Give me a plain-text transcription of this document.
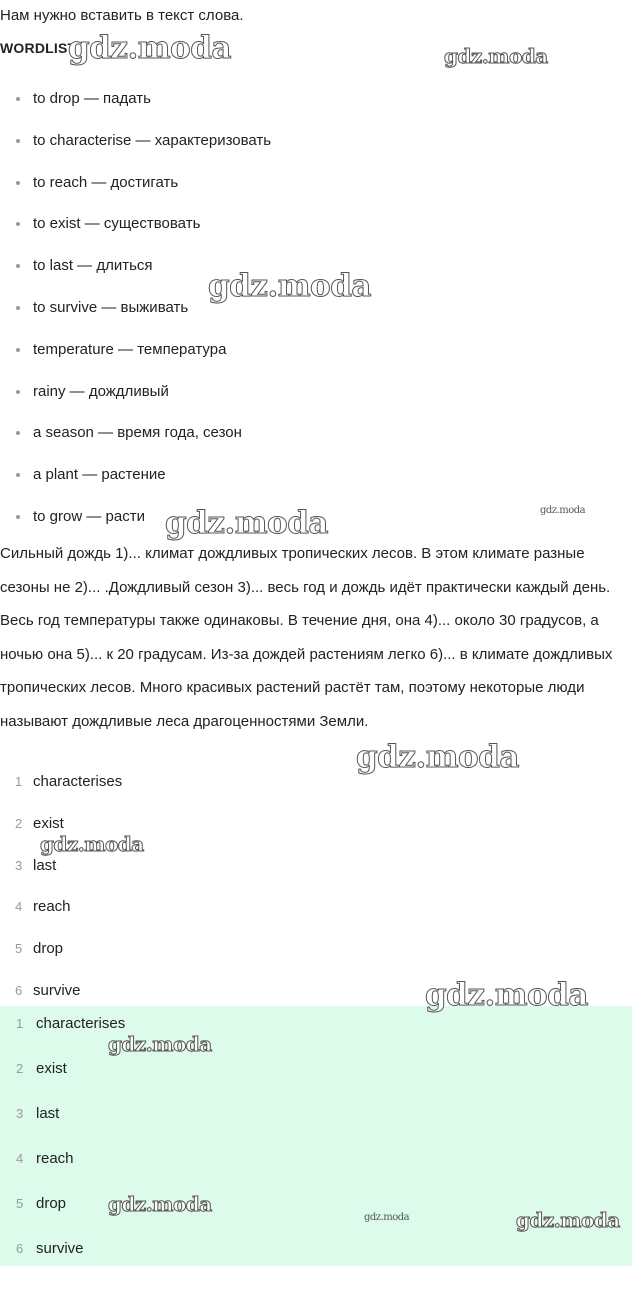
Нам нужно вставить в текст слова.
WORDLIST
to drop — падать
to characterise — характеризовать
to reach — достигать
to exist — существовать
to last — длиться
to survive — выживать
temperature — температура
rainy — дождливый
a season — время года, сезон
a plant — растение
to grow — расти
Сильный дождь 1)... климат дождливых тропических лесов. В этом климате разные сезоны не 2)... .Дождливый сезон 3)... весь год и дождь идёт практически каждый день. Весь год температуры также одинаковы. В течение дня, она 4)... около 30 градусов, а ночью она 5)... к 20 градусам. Из-за дождей растениям легко 6)... в климате дождливых тропических лесов. Много красивых растений растёт там, поэтому некоторые люди называют дождливые леса драгоценностями Земли.
1 characterises
2 exist
3 last
4 reach
5 drop
6 survive
1 characterises
2 exist
3 last
4 reach
5 drop
6 survive
gdz.moda	gdz.moda
gdz.moda
gdz.moda	gdz.moda
gdz.moda
gdz.moda
gdz.moda
gdz.moda
gdz.moda
gdz.moda	gdz.moda
